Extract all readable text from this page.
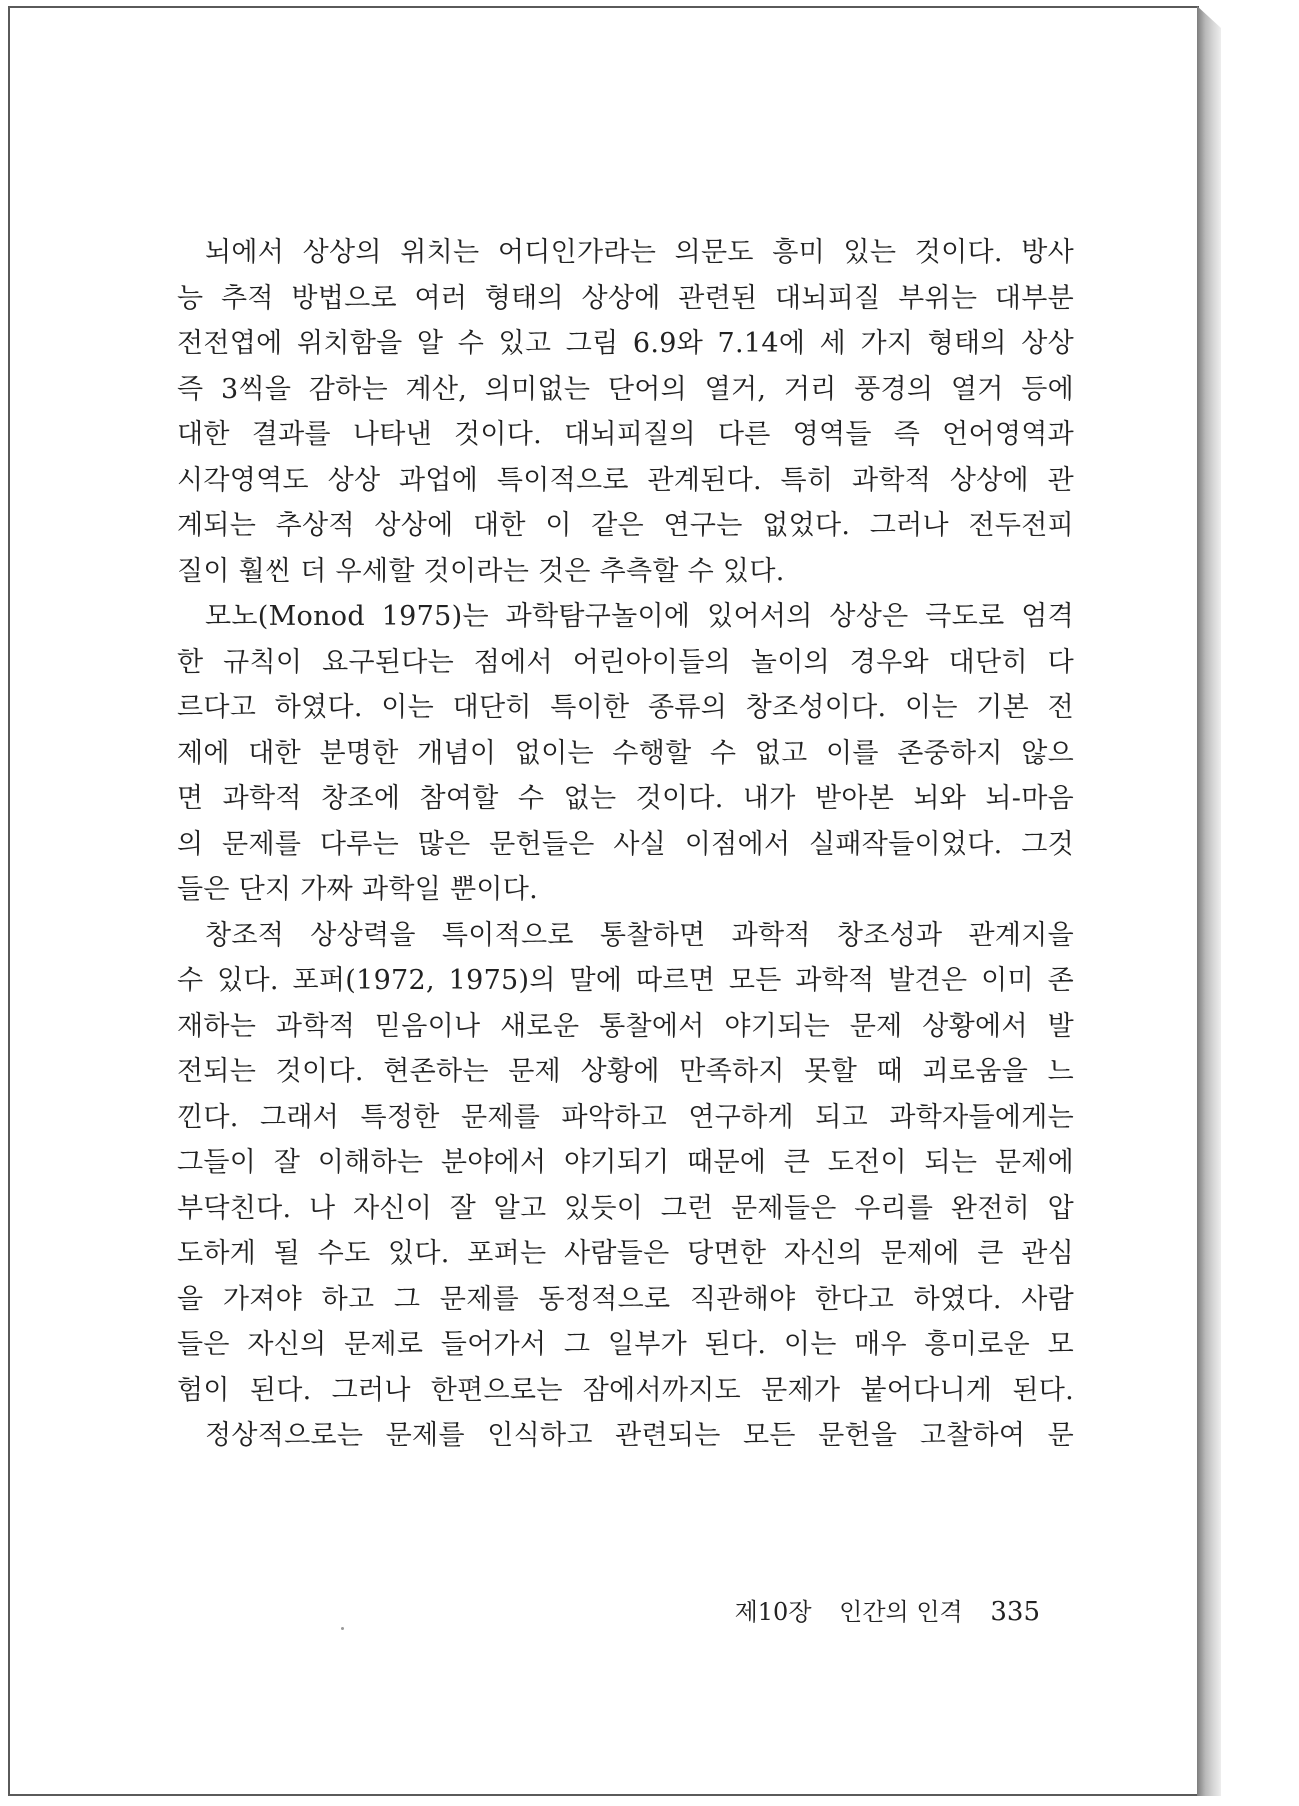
뇌에서 상상의 위치는 어디인가라는 의문도 흥미 있는 것이다. 방사
능 추적 방법으로 여러 형태의 상상에 관련된 대뇌피질 부위는 대부분
전전엽에 위치함을 알 수 있고 그림 6.9와 7.14에 세 가지 형태의 상상
즉 3씩을 감하는 계산, 의미없는 단어의 열거, 거리 풍경의 열거 등에
대한 결과를 나타낸 것이다. 대뇌피질의 다른 영역들 즉 언어영역과
시각영역도 상상 과업에 특이적으로 관계된다. 특히 과학적 상상에 관
계되는 추상적 상상에 대한 이 같은 연구는 없었다. 그러나 전두전피
질이 훨씬 더 우세할 것이라는 것은 추측할 수 있다.
모노(Monod 1975)는 과학탐구놀이에 있어서의 상상은 극도로 엄격
한 규칙이 요구된다는 점에서 어린아이들의 놀이의 경우와 대단히 다
르다고 하였다. 이는 대단히 특이한 종류의 창조성이다. 이는 기본 전
제에 대한 분명한 개념이 없이는 수행할 수 없고 이를 존중하지 않으
면 과학적 창조에 참여할 수 없는 것이다. 내가 받아본 뇌와 뇌-마음
의 문제를 다루는 많은 문헌들은 사실 이점에서 실패작들이었다. 그것
들은 단지 가짜 과학일 뿐이다.
창조적 상상력을 특이적으로 통찰하면 과학적 창조성과 관계지을
수 있다. 포퍼(1972, 1975)의 말에 따르면 모든 과학적 발견은 이미 존
재하는 과학적 믿음이나 새로운 통찰에서 야기되는 문제 상황에서 발
전되는 것이다. 현존하는 문제 상황에 만족하지 못할 때 괴로움을 느
낀다. 그래서 특정한 문제를 파악하고 연구하게 되고 과학자들에게는
그들이 잘 이해하는 분야에서 야기되기 때문에 큰 도전이 되는 문제에
부닥친다. 나 자신이 잘 알고 있듯이 그런 문제들은 우리를 완전히 압
도하게 될 수도 있다. 포퍼는 사람들은 당면한 자신의 문제에 큰 관심
을 가져야 하고 그 문제를 동정적으로 직관해야 한다고 하였다. 사람
들은 자신의 문제로 들어가서 그 일부가 된다. 이는 매우 흥미로운 모
험이 된다. 그러나 한편으로는 잠에서까지도 문제가 붙어다니게 된다.
정상적으로는 문제를 인식하고 관련되는 모든 문헌을 고찰하여 문
제10장 인간의 인격 335
